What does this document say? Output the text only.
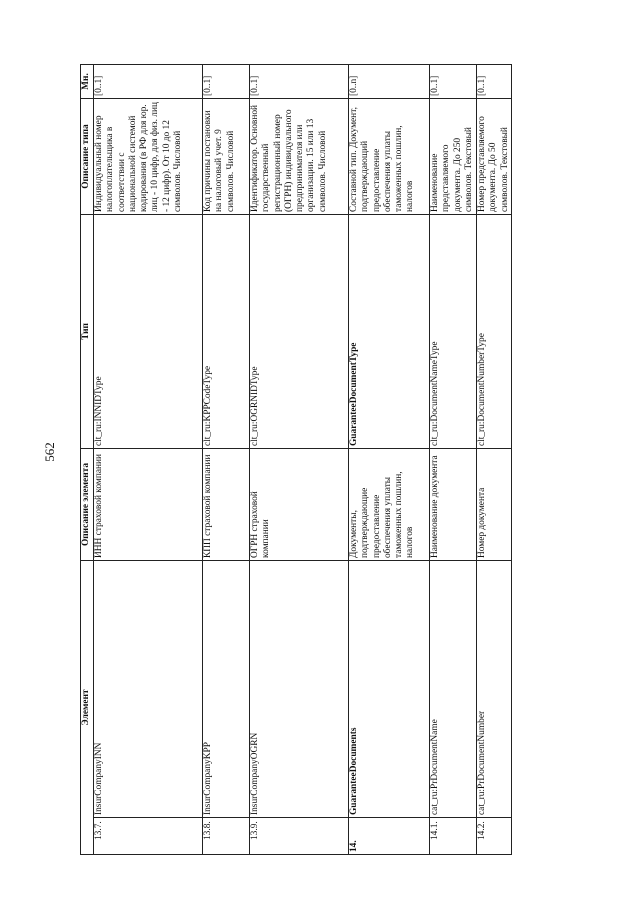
562
Элемент		Описание элемента	Тип	Описание типа	Мн.
13.7.	InsurCompanyINN	ИНН страховой компании	clt_ru:INNIDType	Индивидуальный номер налогоплательщика в соответствии с национальной системой кодирования (в РФ для юр. лиц - 10 цифр, для физ. лиц - 12 цифр). От 10 до 12 символов. Числовой	[0..1]
13.8.	InsurCompanyKPP	КПП страховой компании	clt_ru:KPPCodeType	Код причины постановки на налоговый учет. 9 символов. Числовой	[0..1]
13.9.	InsurCompanyOGRN	ОГРН страховой компании	clt_ru:OGRNIDType	Идентификатор. Основной государственный регистрационный номер (ОГРН) индивидуального предпринимателя или организации. 15 или 13 символов. Числовой	[0..1]
14.	GuaranteeDocuments	Документы, подтверждающие предоставление обеспечения уплаты таможенных пошлин, налогов	GuaranteeDocumentType	Составной тип. Документ, подтверждающий предоставление обеспечения уплаты таможенных пошлин, налогов	[0..n]
14.1.	cat_ru:PrDocumentName	Наименование документа	clt_ru:DocumentNameType	Наименование представляемого документа. До 250 символов. Текстовый	[0..1]
14.2.	cat_ru:PrDocumentNumber	Номер документа	clt_ru:DocumentNumberType	Номер представляемого документа. До 50 символов. Текстовый	[0..1]
